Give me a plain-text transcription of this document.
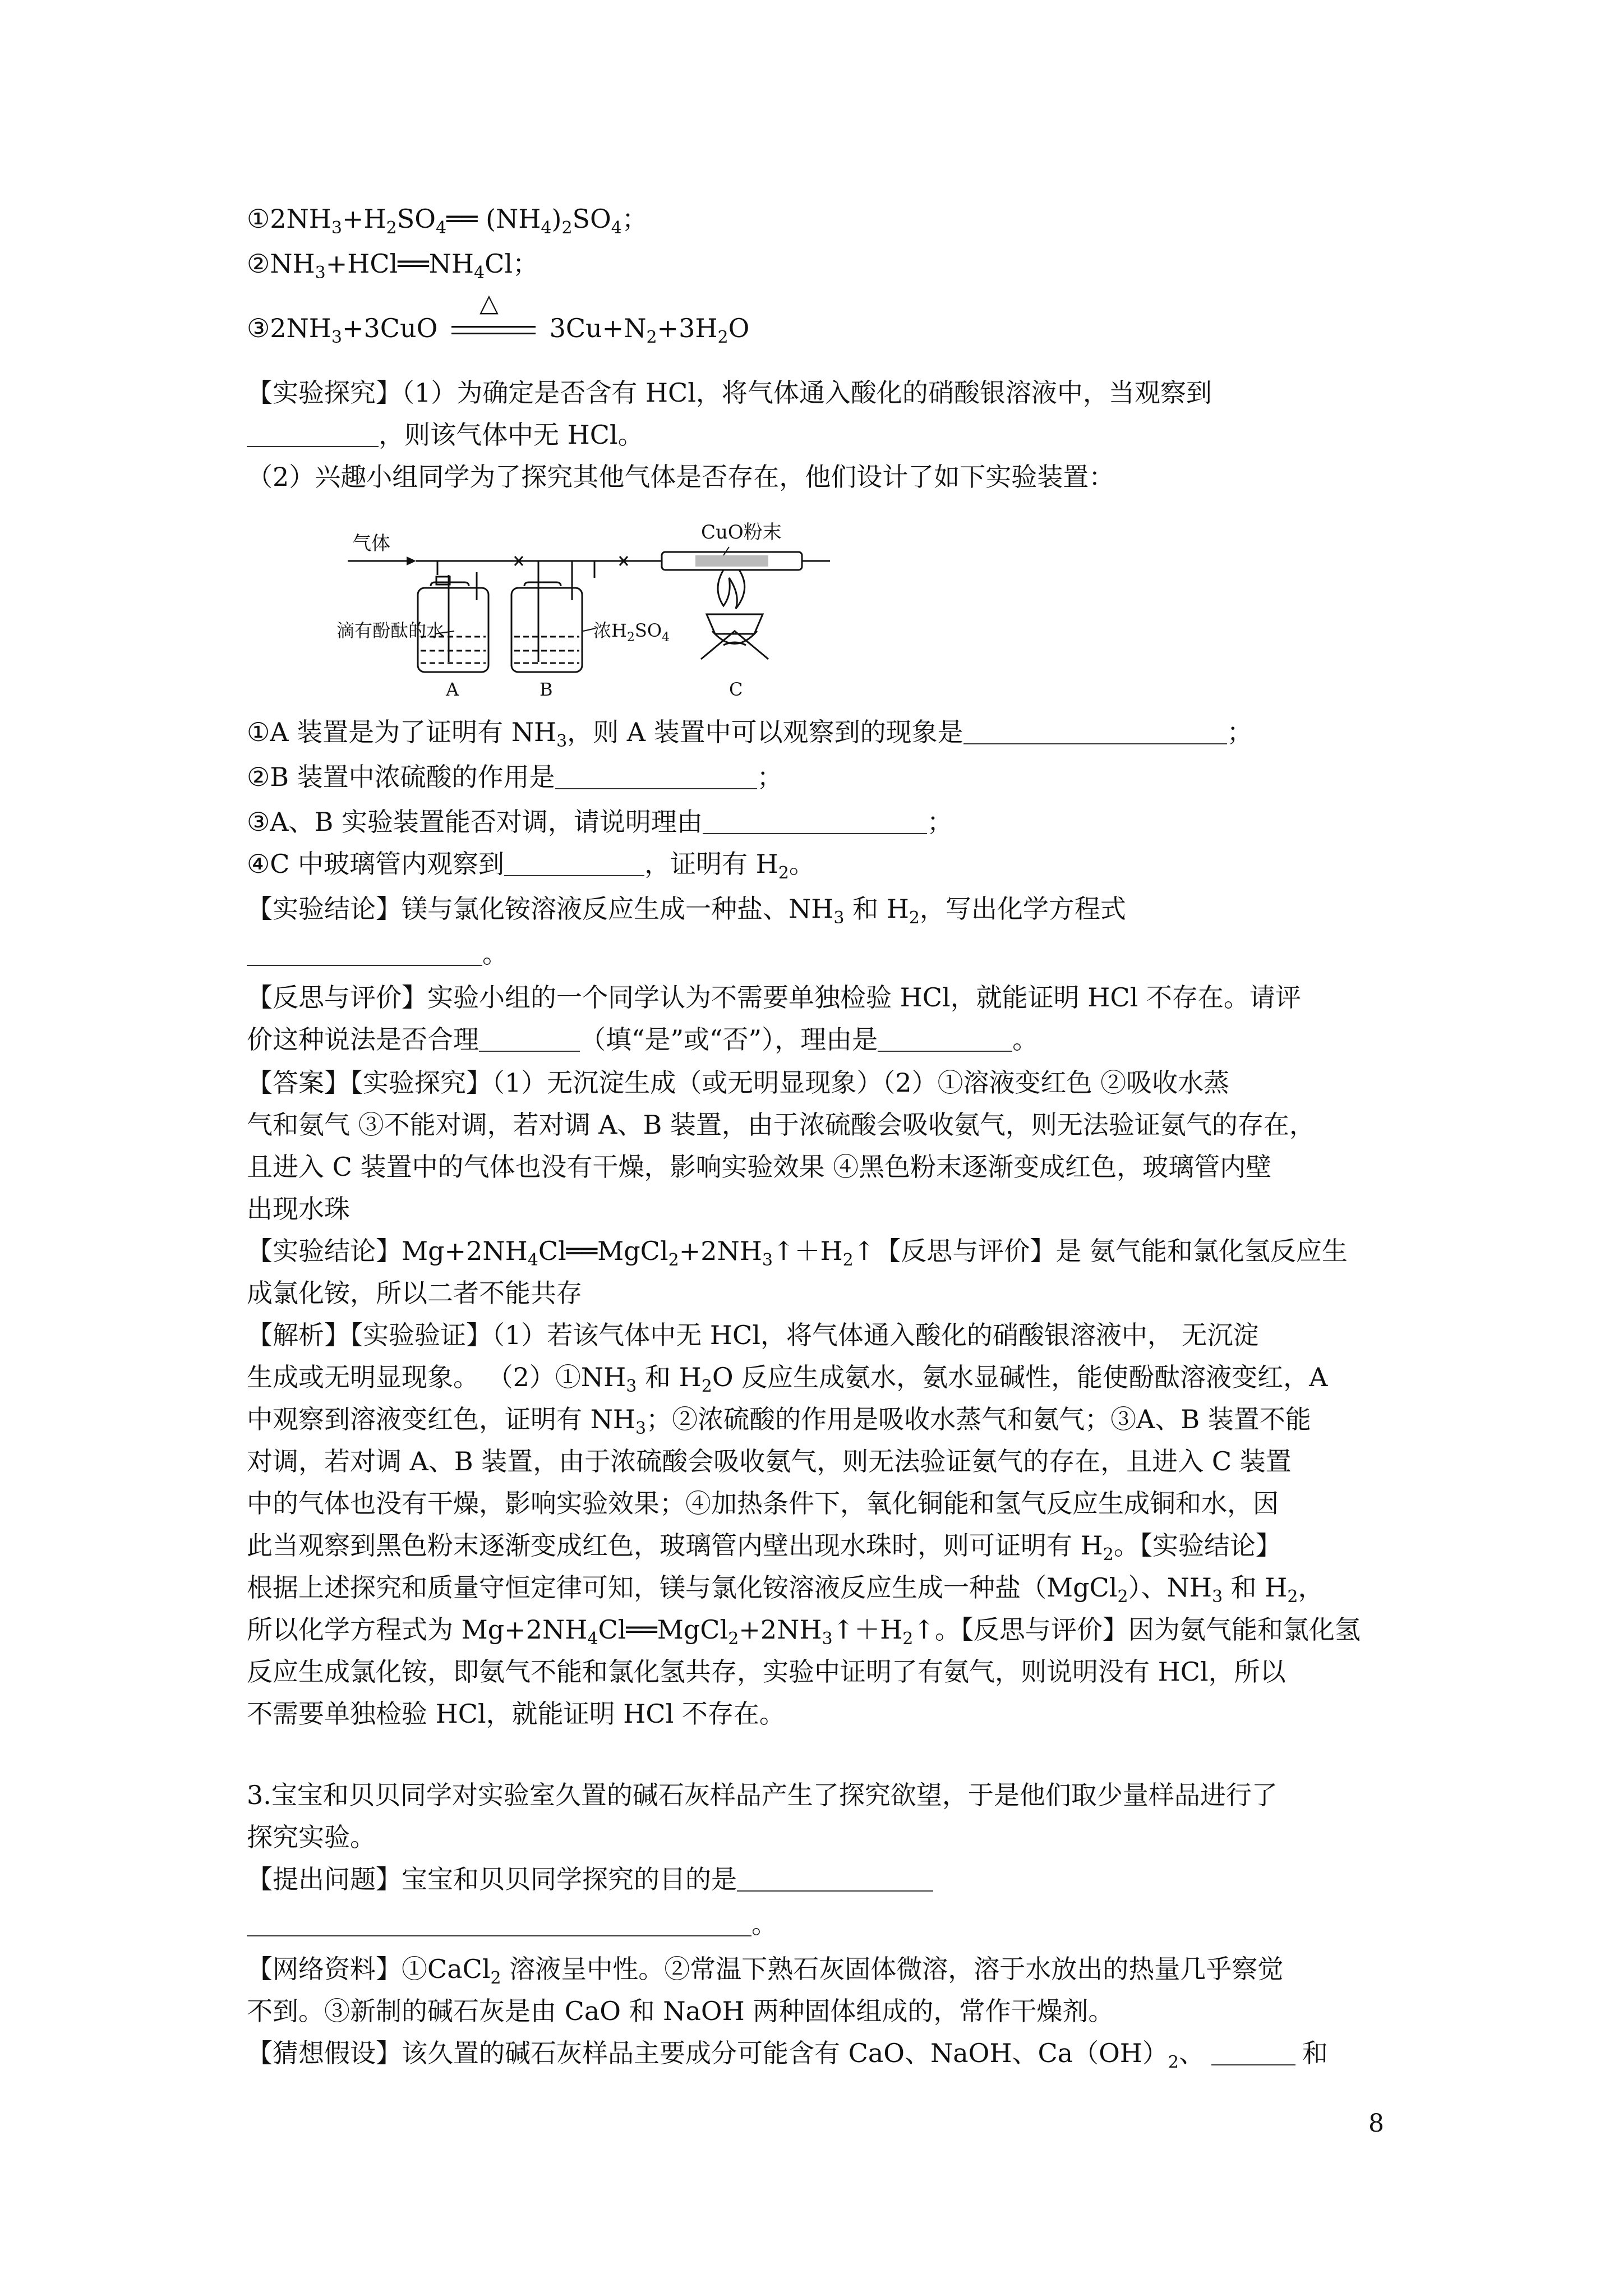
$①2NH_3+H_2SO_4══$ $(NH_4)_2SO_4$；
$②NH_3+HCl══NH_4Cl$；
$③2NH_3+3CuO$
△
$3Cu+N_2+3H_2O$
【实验探究】（1）为确定是否含有 HCl，将气体通入酸化的硝酸银溶液中，当观察到
，则该气体中无 HCl。
（2）兴趣小组同学为了探究其他气体是否存在，他们设计了如下实验装置：
气体	CuO粉末
滴有酚酞的水	浓$H_2SO_4$
A	B	C
①A 装置是为了证明有 $NH_3$，则 A 装置中可以观察到的现象是	；
②B 装置中浓硫酸的作用是	；
③A、B 实验装置能否对调，请说明理由	；
④C 中玻璃管内观察到	，证明有 $H_2$。
【实验结论】镁与氯化铵溶液反应生成一种盐、$NH_3$ 和 $H_2$，写出化学方程式
。
【反思与评价】实验小组的一个同学认为不需要单独检验 HCl，就能证明 HCl 不存在。请评
价这种说法是否合理	（填“是”或“否”），理由是	。
【答案】【实验探究】（1）无沉淀生成（或无明显现象）（2）①溶液变红色 ②吸收水蒸
气和氨气 ③不能对调，若对调 A、B 装置，由于浓硫酸会吸收氨气，则无法验证氨气的存在，
且进入 C 装置中的气体也没有干燥，影响实验效果 ④黑色粉末逐渐变成红色，玻璃管内壁
出现水珠
【实验结论】$Mg+2NH_4Cl══MgCl_2+2NH_3↑+H_2↑$【反思与评价】是 氨气能和氯化氢反应生
成氯化铵，所以二者不能共存
【解析】【实验验证】（1）若该气体中无 HCl，将气体通入酸化的硝酸银溶液中， 无沉淀
生成或无明显现象。 $(2)①NH_3$ 和 $H_2O$ 反应生成氨水，氨水显碱性，能使酚酞溶液变红，A
中观察到溶液变红色，证明有 $NH_3$；②浓硫酸的作用是吸收水蒸气和氨气；③A、B 装置不能
对调，若对调 A、B 装置，由于浓硫酸会吸收氨气，则无法验证氨气的存在，且进入 C 装置
中的气体也没有干燥，影响实验效果；④加热条件下，氧化铜能和氢气反应生成铜和水，因
此当观察到黑色粉末逐渐变成红色，玻璃管内壁出现水珠时，则可证明有 $H_2$。【实验结论】
根据上述探究和质量守恒定律可知，镁与氯化铵溶液反应生成一种盐（MgCl$_2$）、$NH_3$ 和 $H_2$，
所以化学方程式为 $Mg+2NH_4Cl══MgCl_2+2NH_3↑+H_2↑$。【反思与评价】因为氨气能和氯化氢
反应生成氯化铵，即氨气不能和氯化氢共存，实验中证明了有氨气，则说明没有 HCl，所以
不需要单独检验 HCl，就能证明 HCl 不存在。
3.宝宝和贝贝同学对实验室久置的碱石灰样品产生了探究欲望，于是他们取少量样品进行了
探究实验。
【提出问题】宝宝和贝贝同学探究的目的是
。
【网络资料】①CaCl$_2$ 溶液呈中性。②常温下熟石灰固体微溶，溶于水放出的热量几乎察觉
不到。③新制的碱石灰是由 CaO 和 NaOH 两种固体组成的，常作干燥剂。
【猜想假设】该久置的碱石灰样品主要成分可能含有 CaO、NaOH、$Ca(OH)_2$、	和
8
